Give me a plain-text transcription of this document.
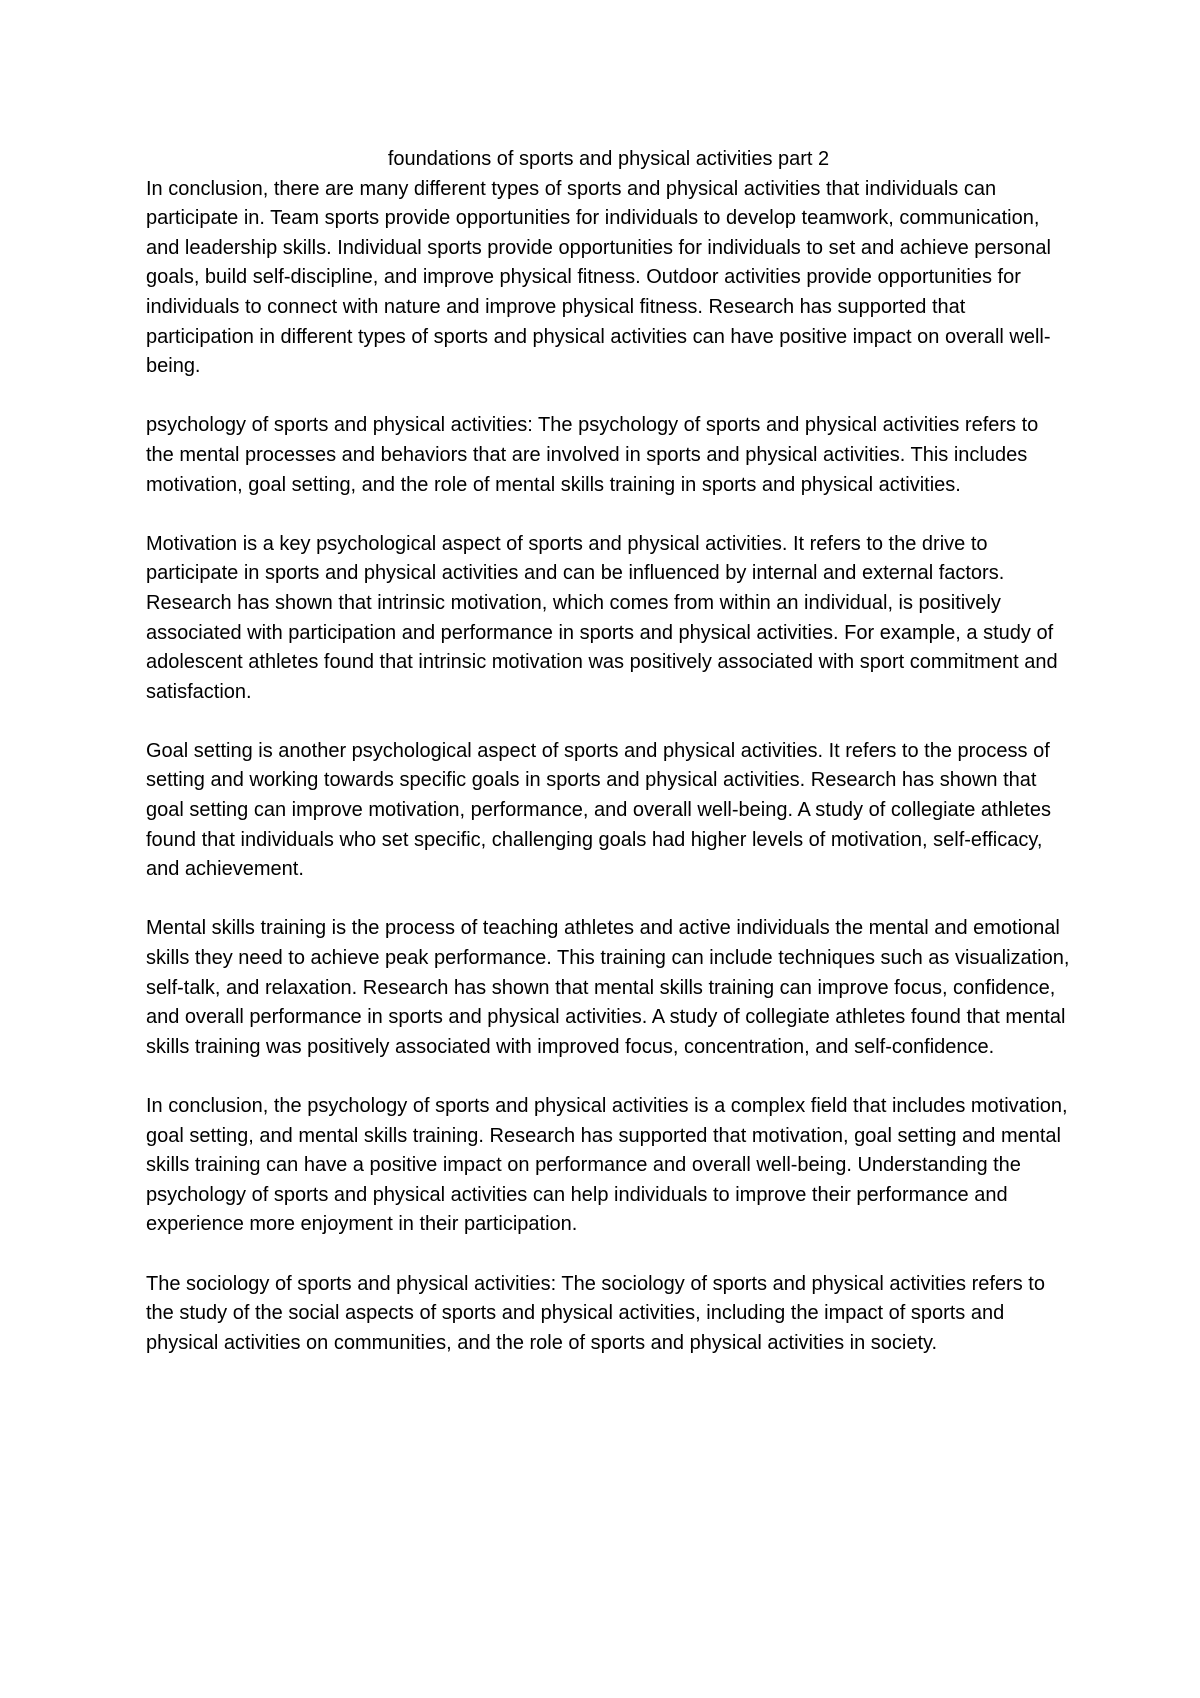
foundations of sports and physical activities part 2

In conclusion, there are many different types of sports and physical activities that individuals can participate in. Team sports provide opportunities for individuals to develop teamwork, communication, and leadership skills. Individual sports provide opportunities for individuals to set and achieve personal goals, build self-discipline, and improve physical fitness. Outdoor activities provide opportunities for individuals to connect with nature and improve physical fitness. Research has supported that participation in different types of sports and physical activities can have positive impact on overall well-being.

psychology of sports and physical activities: The psychology of sports and physical activities refers to the mental processes and behaviors that are involved in sports and physical activities. This includes motivation, goal setting, and the role of mental skills training in sports and physical activities.

Motivation is a key psychological aspect of sports and physical activities. It refers to the drive to participate in sports and physical activities and can be influenced by internal and external factors. Research has shown that intrinsic motivation, which comes from within an individual, is positively associated with participation and performance in sports and physical activities. For example, a study of adolescent athletes found that intrinsic motivation was positively associated with sport commitment and satisfaction.

Goal setting is another psychological aspect of sports and physical activities. It refers to the process of setting and working towards specific goals in sports and physical activities. Research has shown that goal setting can improve motivation, performance, and overall well-being. A study of collegiate athletes found that individuals who set specific, challenging goals had higher levels of motivation, self-efficacy, and achievement.

Mental skills training is the process of teaching athletes and active individuals the mental and emotional skills they need to achieve peak performance. This training can include techniques such as visualization, self-talk, and relaxation. Research has shown that mental skills training can improve focus, confidence, and overall performance in sports and physical activities. A study of collegiate athletes found that mental skills training was positively associated with improved focus, concentration, and self-confidence.

In conclusion, the psychology of sports and physical activities is a complex field that includes motivation, goal setting, and mental skills training. Research has supported that motivation, goal setting and mental skills training can have a positive impact on performance and overall well-being. Understanding the psychology of sports and physical activities can help individuals to improve their performance and experience more enjoyment in their participation.

The sociology of sports and physical activities: The sociology of sports and physical activities refers to the study of the social aspects of sports and physical activities, including the impact of sports and physical activities on communities, and the role of sports and physical activities in society.
